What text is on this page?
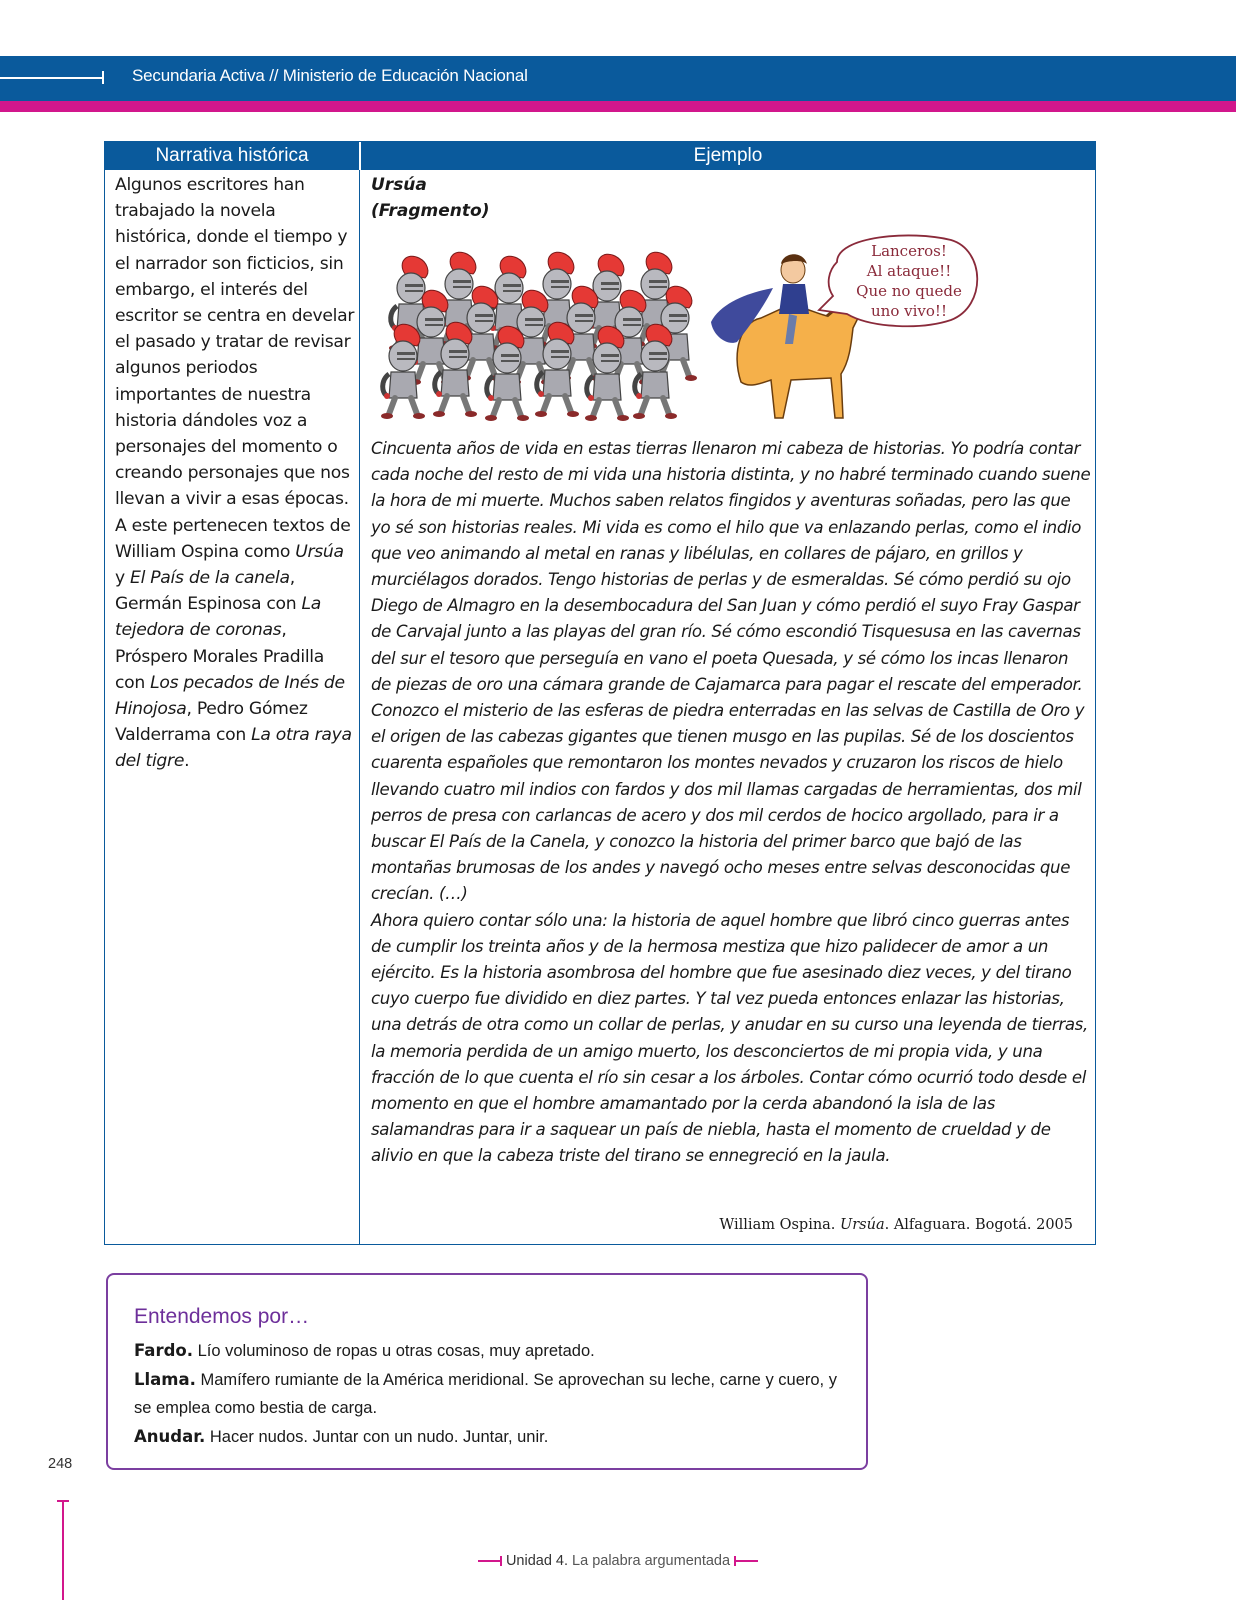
Secundaria Activa // Ministerio de Educación Nacional
Narrativa histórica	Ejemplo
Algunos escritores han trabajado la novela histórica, donde el tiempo y el narrador son ficticios, sin embargo, el interés del escritor se centra en develar el pasado y tratar de revisar algunos periodos importantes de nuestra historia dándoles voz a personajes del momento o creando personajes que nos llevan a vivir a esas épocas. A este pertenecen textos de William Ospina como Ursúa y El País de la canela, Germán Espinosa con La tejedora de coronas, Próspero Morales Pradilla con Los pecados de Inés de Hinojosa, Pedro Gómez Valderrama con La otra raya del tigre.
Ursúa
(Fragmento)
Lanceros!
Al ataque!!
Que no quede
uno vivo!!

Cincuenta años de vida en estas tierras llenaron mi cabeza de historias. Yo podría contar cada noche del resto de mi vida una historia distinta, y no habré terminado cuando suene la hora de mi muerte. Muchos saben relatos fingidos y aventuras soñadas, pero las que yo sé son historias reales. Mi vida es como el hilo que va enlazando perlas, como el indio que veo animando al metal en ranas y libélulas, en collares de pájaro, en grillos y murciélagos dorados. Tengo historias de perlas y de esmeraldas. Sé cómo perdió su ojo Diego de Almagro en la desembocadura del San Juan y cómo perdió el suyo Fray Gaspar de Carvajal junto a las playas del gran río. Sé cómo escondió Tisquesusa en las cavernas del sur el tesoro que perseguía en vano el poeta Quesada, y sé cómo los incas llenaron de piezas de oro una cámara grande de Cajamarca para pagar el rescate del emperador. Conozco el misterio de las esferas de piedra enterradas en las selvas de Castilla de Oro y el origen de las cabezas gigantes que tienen musgo en las pupilas. Sé de los doscientos cuarenta españoles que remontaron los montes nevados y cruzaron los riscos de hielo llevando cuatro mil indios con fardos y dos mil llamas cargadas de herramientas, dos mil perros de presa con carlancas de acero y dos mil cerdos de hocico argollado, para ir a buscar El País de la Canela, y conozco la historia del primer barco que bajó de las montañas brumosas de los andes y navegó ocho meses entre selvas desconocidas que crecían. (…)

Ahora quiero contar sólo una: la historia de aquel hombre que libró cinco guerras antes de cumplir los treinta años y de la hermosa mestiza que hizo palidecer de amor a un ejército. Es la historia asombrosa del hombre que fue asesinado diez veces, y del tirano cuyo cuerpo fue dividido en diez partes. Y tal vez pueda entonces enlazar las historias, una detrás de otra como un collar de perlas, y anudar en su curso una leyenda de tierras, la memoria perdida de un amigo muerto, los desconciertos de mi propia vida, y una fracción de lo que cuenta el río sin cesar a los árboles. Contar cómo ocurrió todo desde el momento en que el hombre amamantado por la cerda abandonó la isla de las salamandras para ir a saquear un país de niebla, hasta el momento de crueldad y de alivio en que la cabeza triste del tirano se ennegreció en la jaula.

William Ospina. Ursúa. Alfaguara. Bogotá. 2005
Entendemos por…
Fardo. Lío voluminoso de ropas u otras cosas, muy apretado.
Llama. Mamífero rumiante de la América meridional. Se aprovechan su leche, carne y cuero, y se emplea como bestia de carga.
Anudar. Hacer nudos. Juntar con un nudo. Juntar, unir.
248
Unidad 4. La palabra argumentada
